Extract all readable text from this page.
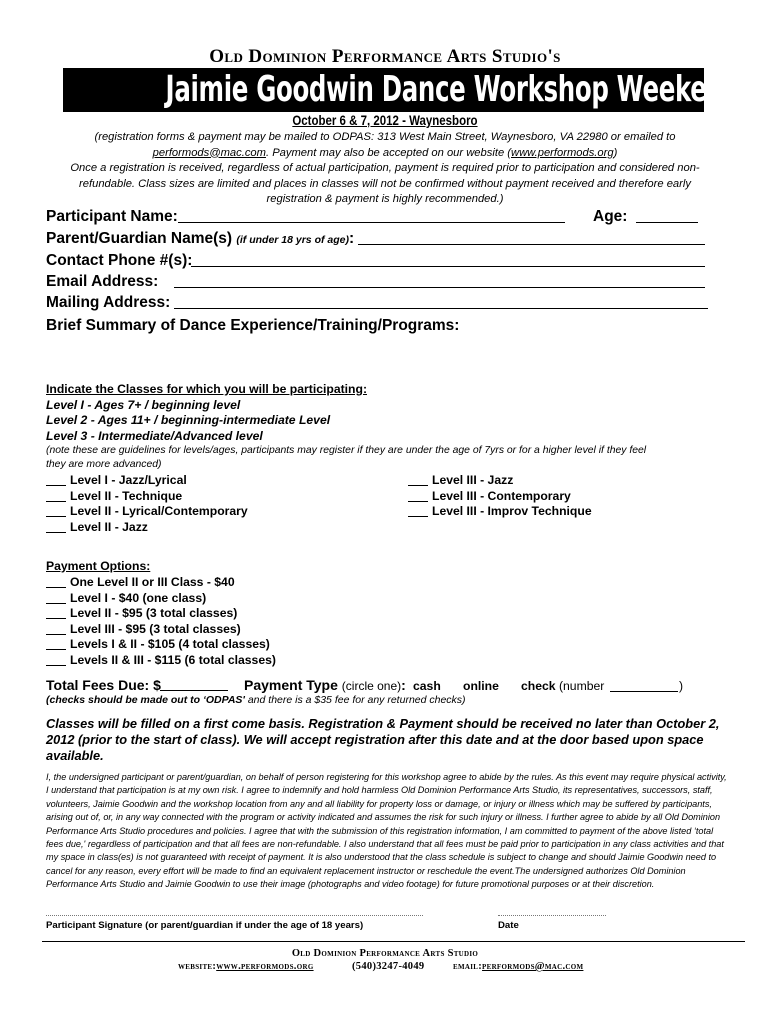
Old Dominion Performance Arts Studio's
Jaimie Goodwin Dance Workshop Weekend
October 6 & 7, 2012 - Waynesboro
(registration forms & payment may be mailed to ODPAS: 313 West Main Street, Waynesboro, VA 22980 or emailed to
performods@mac.com. Payment may also be accepted on our website (www.performods.org)
Once a registration is received, regardless of actual participation, payment is required prior to participation and considered non-refundable. Class sizes are limited and places in classes will not be confirmed without payment received and therefore early registration & payment is highly recommended.)
Participant Name:	Age:
Parent/Guardian Name(s) (if under 18 yrs of age):
Contact Phone #(s):
Email Address:
Mailing Address:
Brief Summary of Dance Experience/Training/Programs:
Indicate the Classes for which you will be participating:
Level I - Ages 7+ / beginning level
Level 2 - Ages 11+ / beginning-intermediate Level
Level 3 - Intermediate/Advanced level
(note these are guidelines for levels/ages, participants may register if they are under the age of 7yrs or for a higher level if they feel they are more advanced)
Level I - Jazz/Lyrical
Level II - Technique
Level II - Lyrical/Contemporary
Level II - Jazz
Level III - Jazz
Level III - Contemporary
Level III - Improv Technique
Payment Options:
One Level II or III Class - $40
Level I - $40 (one class)
Level II - $95 (3 total classes)
Level III - $95 (3 total classes)
Levels I & II - $105 (4 total classes)
Levels II & III - $115 (6 total classes)
Total Fees Due: $	Payment Type (circle one): cash online check (number	)
(checks should be made out to ‘ODPAS' and there is a $35 fee for any returned checks)
Classes will be filled on a first come basis. Registration & Payment should be received no later than October 2, 2012 (prior to the start of class). We will accept registration after this date and at the door based upon space available.
I, the undersigned participant or parent/guardian, on behalf of person registering for this workshop agree to abide by the rules. As this event may require physical activity, I understand that participation is at my own risk. I agree to indemnify and hold harmless Old Dominion Performance Arts Studio, its representatives, successors, staff, volunteers, Jaimie Goodwin and the workshop location from any and all liability for property loss or damage, or injury or illness which may be suffered by participants, arising out of, or, in any way connected with the program or activity indicated and assumes the risk for such injury or illness. I further agree to abide by all Old Dominion Performance Arts Studio procedures and policies. I agree that with the submission of this registration information, I am committed to payment of the above listed ‘total fees due,' regardless of participation and that all fees are non-refundable. I also understand that all fees must be paid prior to participation in any class activities and that my space in class(es) is not guaranteed with receipt of payment. It is also understood that the class schedule is subject to change and should Jaimie Goodwin need to cancel for any reason, every effort will be made to find an equivalent replacement instructor or reschedule the event.The undersigned authorizes Old Dominion Performance Arts Studio and Jaimie Goodwin to use their image (photographs and video footage) for future promotional purposes or at their discretion.
Participant Signature (or parent/guardian if under the age of 18 years)	Date
Old Dominion Performance Arts Studio
website:www.performods.org	(540)3247-4049	email:performods@mac.com
